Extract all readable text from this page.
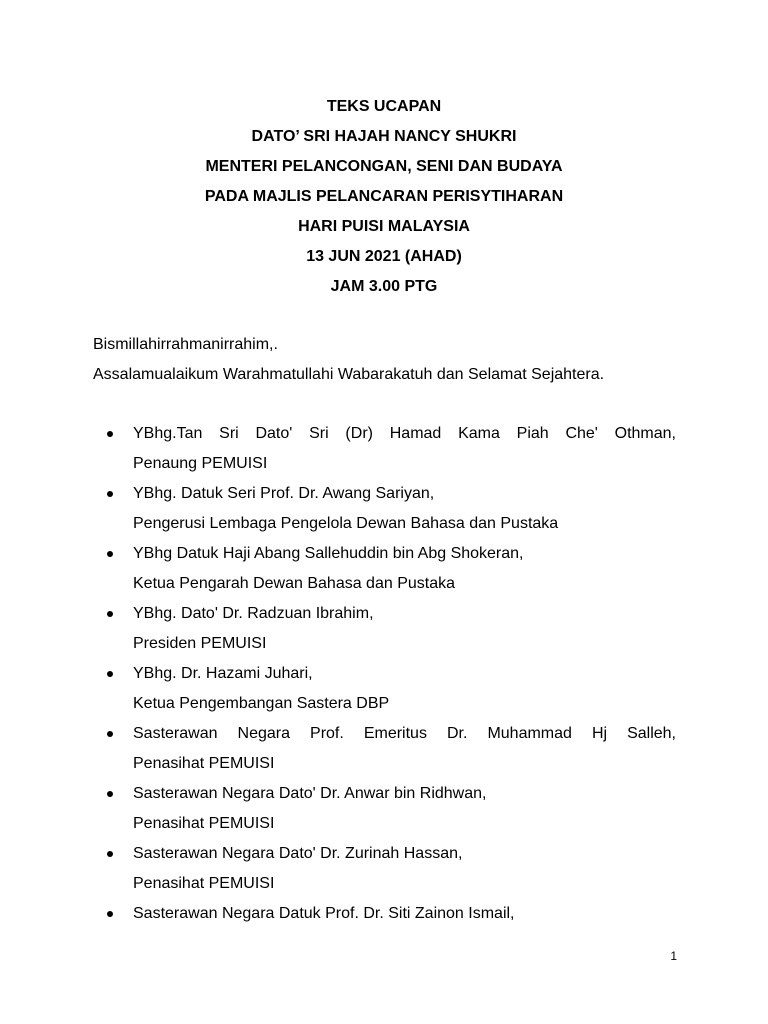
TEKS UCAPAN
DATO’ SRI HAJAH NANCY SHUKRI
MENTERI PELANCONGAN, SENI DAN BUDAYA
PADA MAJLIS PELANCARAN PERISYTIHARAN
HARI PUISI MALAYSIA
13 JUN 2021 (AHAD)
JAM 3.00 PTG
Bismillahirrahmanirrahim,.
Assalamualaikum Warahmatullahi Wabarakatuh dan Selamat Sejahtera.
YBhg.Tan Sri Dato' Sri (Dr) Hamad Kama Piah Che' Othman,
Penaung PEMUISI
YBhg. Datuk Seri Prof. Dr. Awang Sariyan,
Pengerusi Lembaga Pengelola Dewan Bahasa dan Pustaka
YBhg Datuk Haji Abang Sallehuddin bin Abg Shokeran,
Ketua Pengarah Dewan Bahasa dan Pustaka
YBhg. Dato' Dr. Radzuan Ibrahim,
Presiden PEMUISI
YBhg. Dr. Hazami Juhari,
Ketua Pengembangan Sastera DBP
Sasterawan Negara Prof. Emeritus Dr. Muhammad Hj Salleh,
Penasihat PEMUISI
Sasterawan Negara Dato' Dr. Anwar bin Ridhwan,
Penasihat PEMUISI
Sasterawan Negara Dato' Dr. Zurinah Hassan,
Penasihat PEMUISI
Sasterawan Negara Datuk Prof. Dr. Siti Zainon Ismail,
1
